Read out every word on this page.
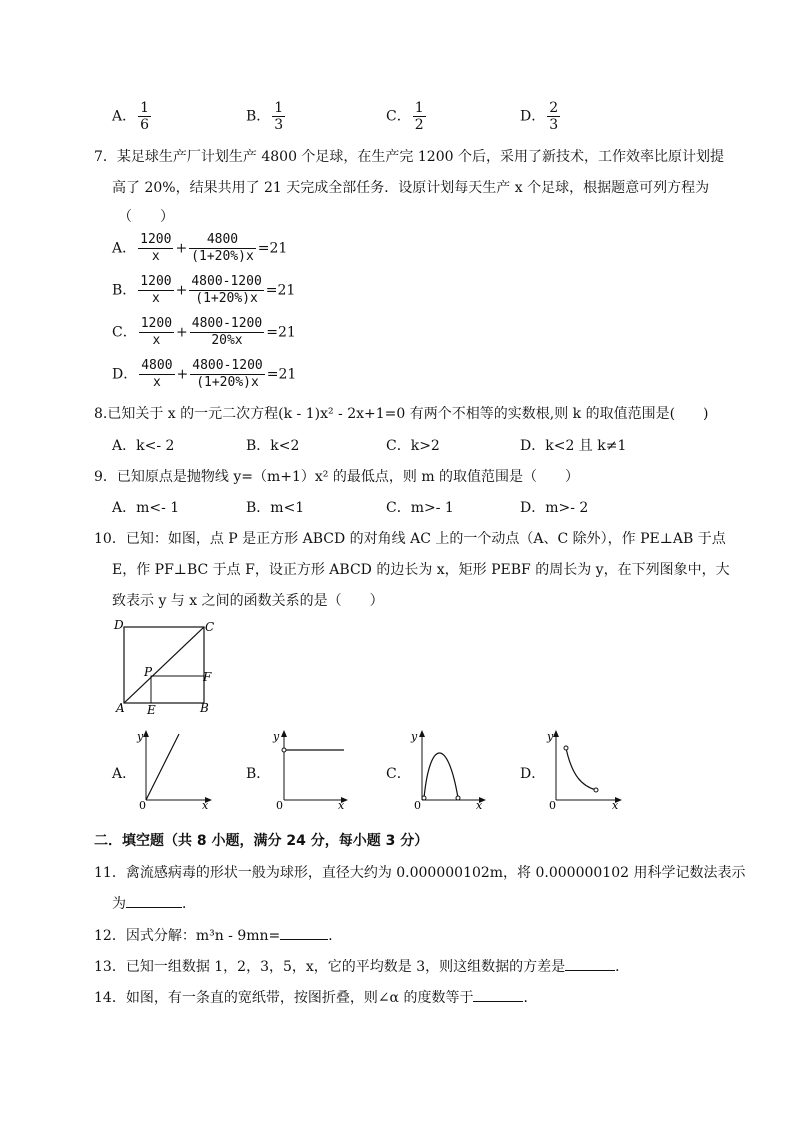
A． $\frac{1}{6}$	B． $\frac{1}{3}$	C． $\frac{1}{2}$	D． $\frac{2}{3}$
7．某足球生产厂计划生产 4800 个足球，在生产完 1200 个后，采用了新技术，工作效率比原计划提
高了 20%，结果共用了 21 天完成全部任务．设原计划每天生产 x 个足球，根据题意可列方程为
（　　）
A． $\frac{1200}{x} + \frac{4800}{(1+20\%)x} =21$
B． $\frac{1200}{x} + \frac{4800-1200}{(1+20\%)x} =21$
C． $\frac{1200}{x} + \frac{4800-1200}{20\%x} =21$
D． $\frac{4800}{x} + \frac{4800-1200}{(1+20\%)x} =21$
8.已知关于 x 的一元二次方程(k - 1)x² - 2x+1=0 有两个不相等的实数根,则 k 的取值范围是(　　)
A．k<- 2	B．k<2	C．k>2	D．k<2 且 k≠1
9．已知原点是抛物线 y=（m+1）x² 的最低点，则 m 的取值范围是（　　）
A．m<- 1	B．m<1	C．m>- 1	D．m>- 2
10．已知：如图，点 P 是正方形 ABCD 的对角线 AC 上的一个动点（A、C 除外），作 PE⊥AB 于点
E，作 PF⊥BC 于点 F，设正方形 ABCD 的边长为 x，矩形 PEBF 的周长为 y，在下列图象中，大
致表示 y 与 x 之间的函数关系的是（　　）
D	C
P	F
A E	B
A．
y
0	x
B．
y
0	x
C．
y
0	x
D．
y
0	x
二．填空题（共 8 小题，满分 24 分，每小题 3 分）
11．禽流感病毒的形状一般为球形，直径大约为 0.000000102m，将 0.000000102 用科学记数法表示
为	．
12．因式分解：m³n - 9mn=	．
13．已知一组数据 1，2，3，5，x，它的平均数是 3，则这组数据的方差是	．
14．如图，有一条直的宽纸带，按图折叠，则∠α 的度数等于	．
